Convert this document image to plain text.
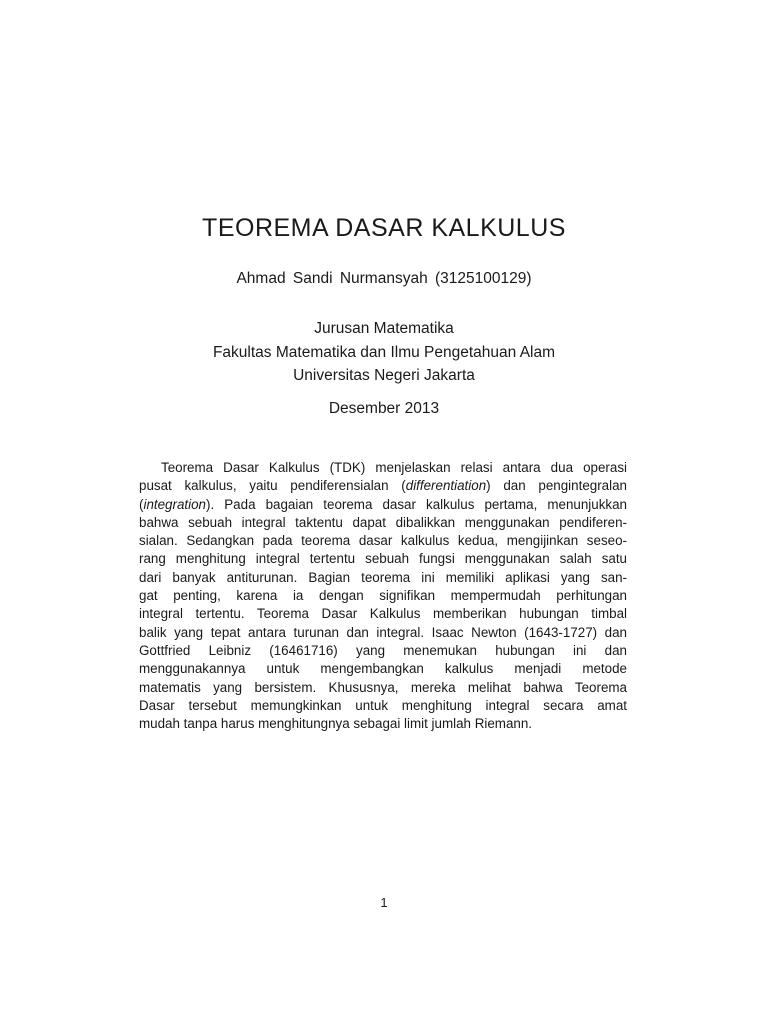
TEOREMA DASAR KALKULUS

Ahmad Sandi Nurmansyah (3125100129)

Jurusan Matematika
Fakultas Matematika dan Ilmu Pengetahuan Alam
Universitas Negeri Jakarta

Desember 2013

Teorema Dasar Kalkulus (TDK) menjelaskan relasi antara dua operasi
pusat kalkulus, yaitu pendiferensialan (differentiation) dan pengintegralan
(integration). Pada bagaian teorema dasar kalkulus pertama, menunjukkan
bahwa sebuah integral taktentu dapat dibalikkan menggunakan pendiferen-
sialan. Sedangkan pada teorema dasar kalkulus kedua, mengijinkan seseo-
rang menghitung integral tertentu sebuah fungsi menggunakan salah satu
dari banyak antiturunan. Bagian teorema ini memiliki aplikasi yang san-
gat penting, karena ia dengan signifikan mempermudah perhitungan
integral tertentu. Teorema Dasar Kalkulus memberikan hubungan timbal
balik yang tepat antara turunan dan integral. Isaac Newton (1643-1727) dan
Gottfried Leibniz (16461716) yang menemukan hubungan ini dan
menggunakannya untuk mengembangkan kalkulus menjadi metode
matematis yang bersistem. Khususnya, mereka melihat bahwa Teorema
Dasar tersebut memungkinkan untuk menghitung integral secara amat
mudah tanpa harus menghitungnya sebagai limit jumlah Riemann.

1
